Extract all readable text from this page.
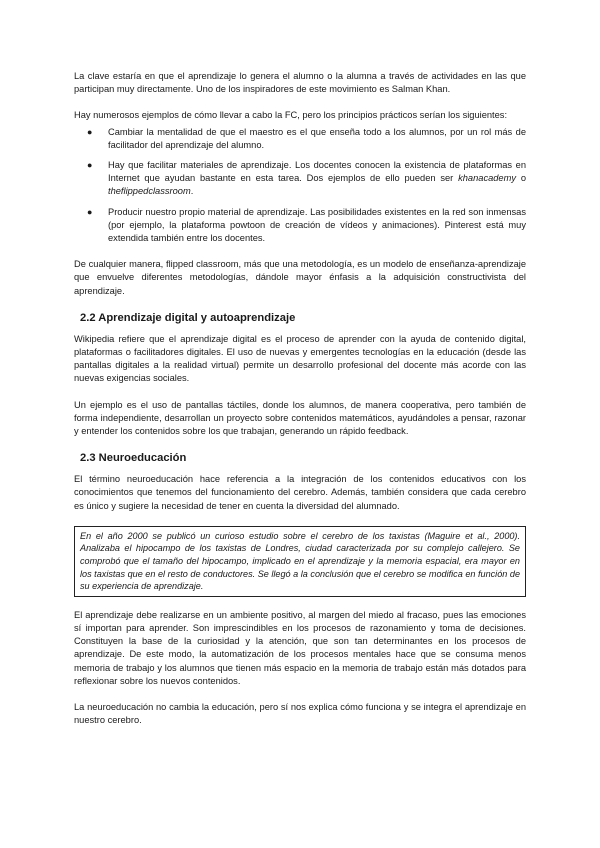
La clave estaría en que el aprendizaje lo genera el alumno o la alumna a través de actividades en las que participan muy directamente. Uno de los inspiradores de este movimiento es Salman Khan.

Hay numerosos ejemplos de cómo llevar a cabo la FC, pero los principios prácticos serían los siguientes:

● Cambiar la mentalidad de que el maestro es el que enseña todo a los alumnos, por un rol más de facilitador del aprendizaje del alumno.
● Hay que facilitar materiales de aprendizaje. Los docentes conocen la existencia de plataformas en Internet que ayudan bastante en esta tarea. Dos ejemplos de ello pueden ser khanacademy o theflippedclassroom.
● Producir nuestro propio material de aprendizaje. Las posibilidades existentes en la red son inmensas (por ejemplo, la plataforma powtoon de creación de vídeos y animaciones). Pinterest está muy extendida también entre los docentes.

De cualquier manera, flipped classroom, más que una metodología, es un modelo de enseñanza-aprendizaje que envuelve diferentes metodologías, dándole mayor énfasis a la adquisición constructivista del aprendizaje.

2.2 Aprendizaje digital y autoaprendizaje

Wikipedia refiere que el aprendizaje digital es el proceso de aprender con la ayuda de contenido digital, plataformas o facilitadores digitales. El uso de nuevas y emergentes tecnologías en la educación (desde las pantallas digitales a la realidad virtual) permite un desarrollo profesional del docente más acorde con las nuevas exigencias sociales.

Un ejemplo es el uso de pantallas táctiles, donde los alumnos, de manera cooperativa, pero también de forma independiente, desarrollan un proyecto sobre contenidos matemáticos, ayudándoles a pensar, razonar y entender los contenidos sobre los que trabajan, generando un rápido feedback.

2.3 Neuroeducación

El término neuroeducación hace referencia a la integración de los contenidos educativos con los conocimientos que tenemos del funcionamiento del cerebro. Además, también considera que cada cerebro es único y sugiere la necesidad de tener en cuenta la diversidad del alumnado.

En el año 2000 se publicó un curioso estudio sobre el cerebro de los taxistas (Maguire et al., 2000). Analizaba el hipocampo de los taxistas de Londres, ciudad caracterizada por su complejo callejero. Se comprobó que el tamaño del hipocampo, implicado en el aprendizaje y la memoria espacial, era mayor en los taxistas que en el resto de conductores. Se llegó a la conclusión que el cerebro se modifica en función de su experiencia de aprendizaje.

El aprendizaje debe realizarse en un ambiente positivo, al margen del miedo al fracaso, pues las emociones sí importan para aprender. Son imprescindibles en los procesos de razonamiento y toma de decisiones. Constituyen la base de la curiosidad y la atención, que son tan determinantes en los procesos de aprendizaje. De este modo, la automatización de los procesos mentales hace que se consuma menos memoria de trabajo y los alumnos que tienen más espacio en la memoria de trabajo están más dotados para reflexionar sobre los nuevos contenidos.

La neuroeducación no cambia la educación, pero sí nos explica cómo funciona y se integra el aprendizaje en nuestro cerebro.
